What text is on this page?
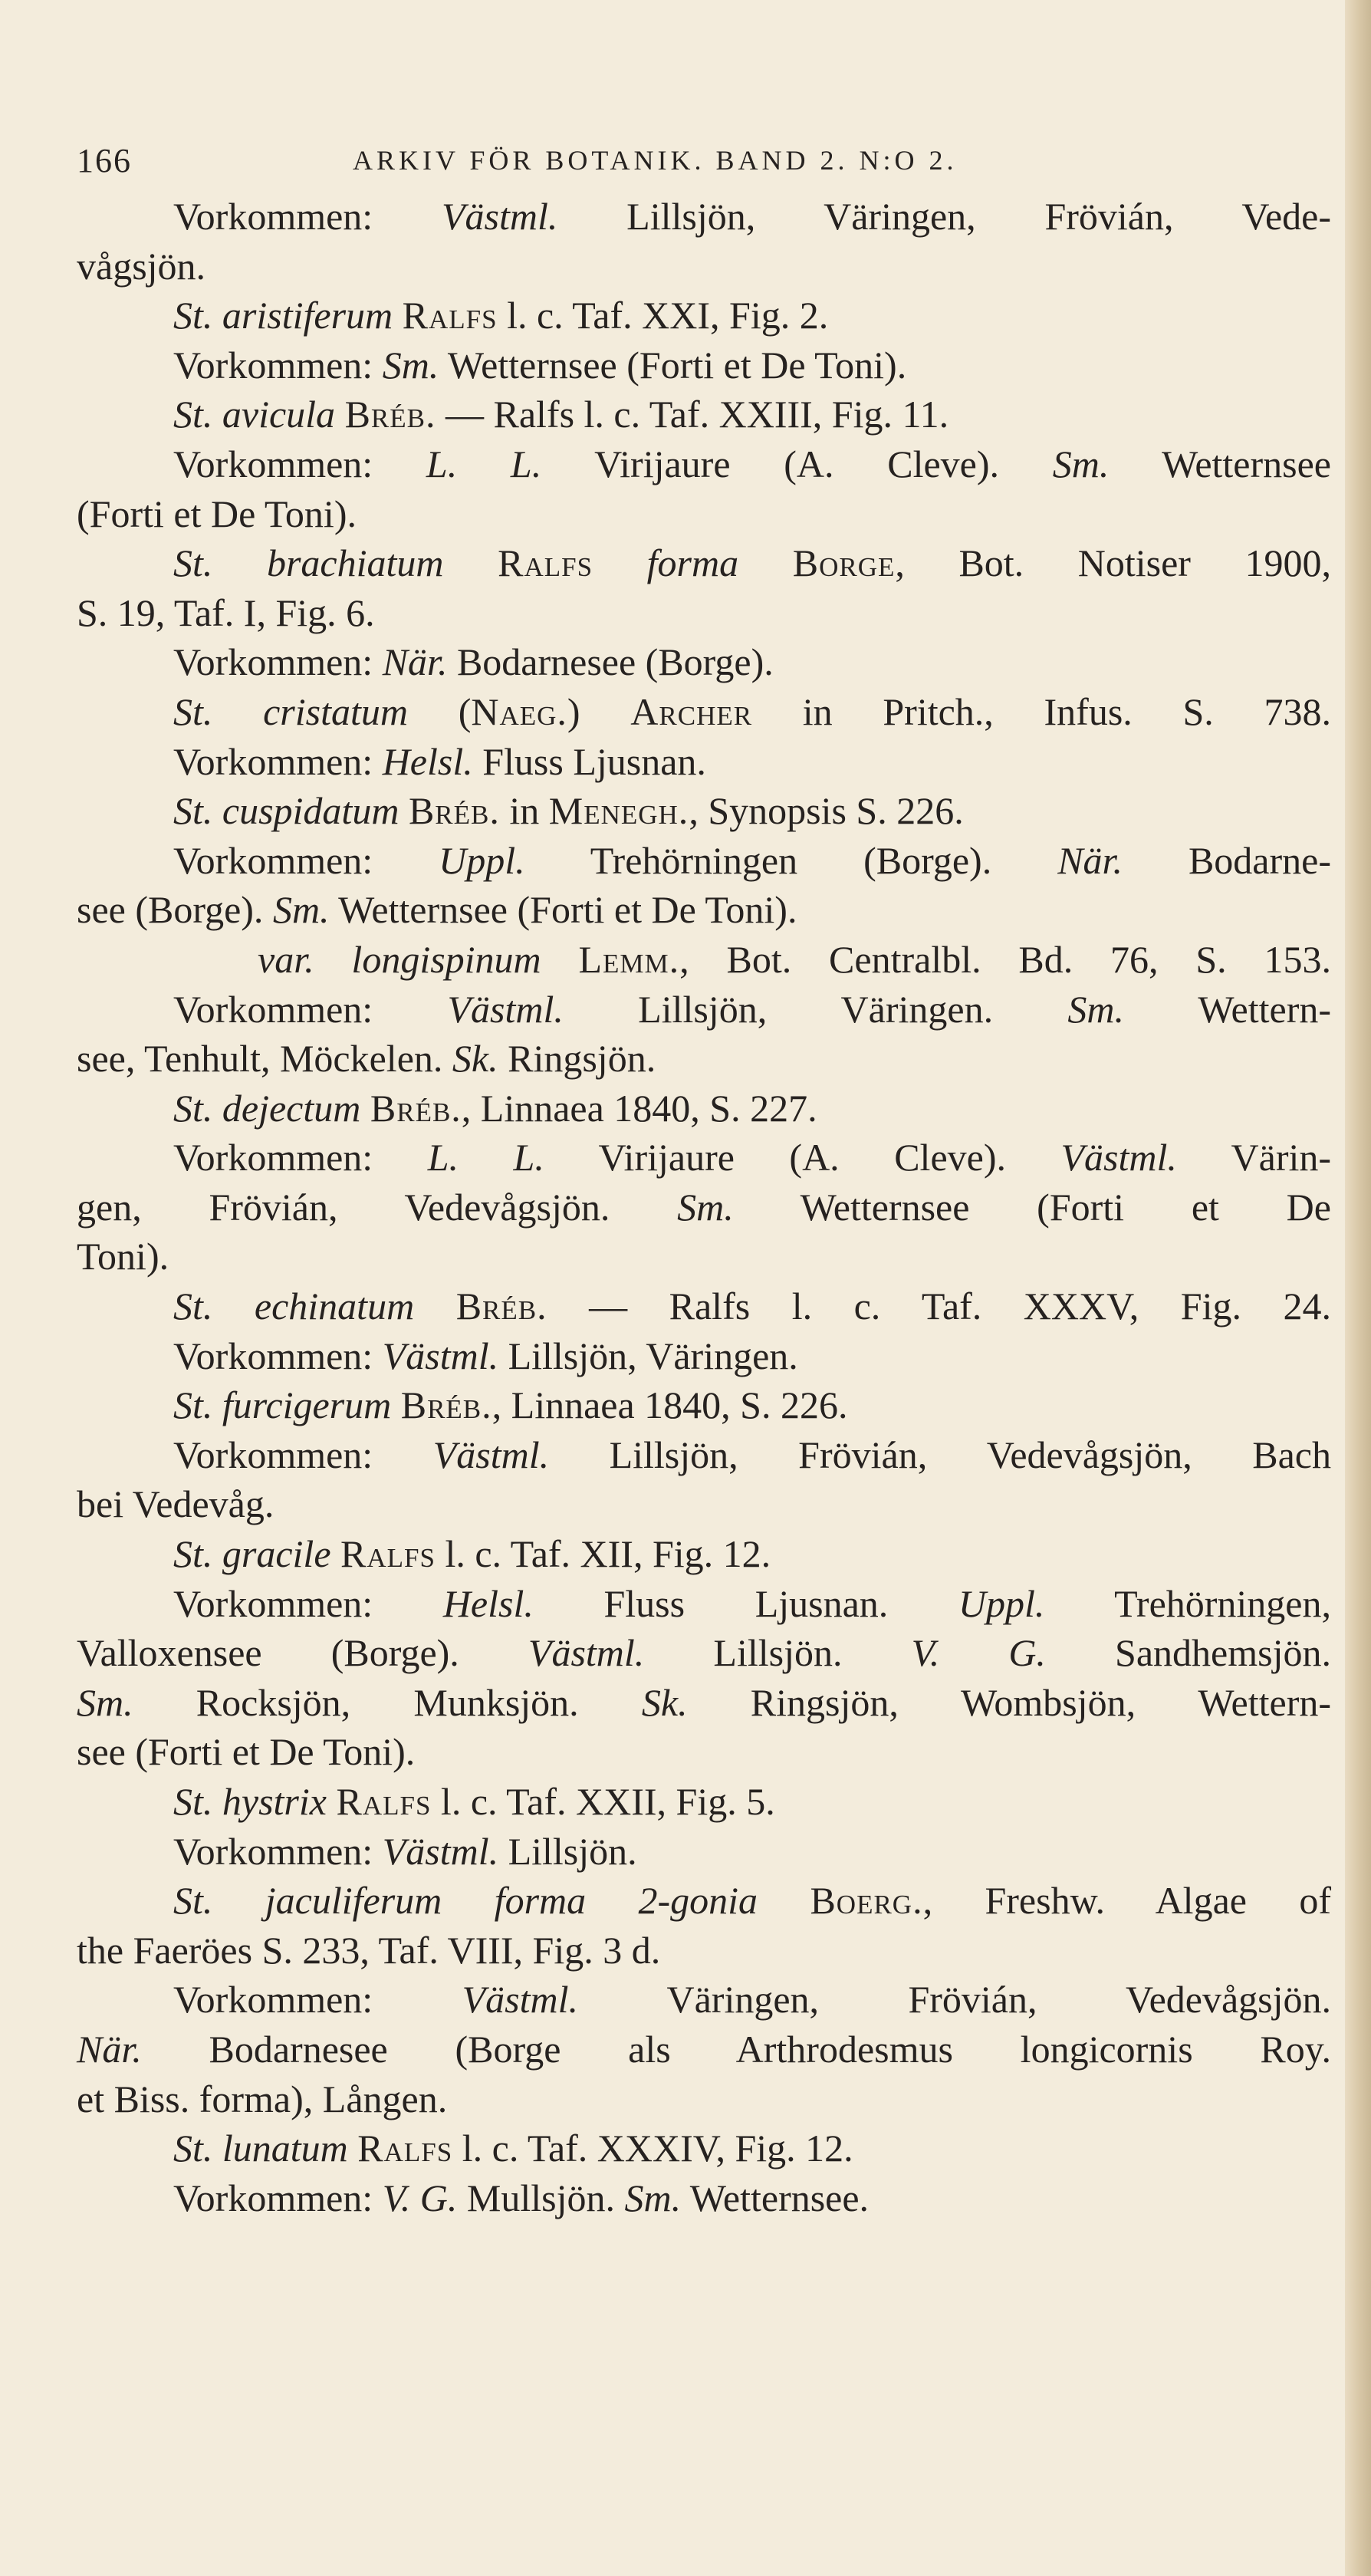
166	ARKIV FÖR BOTANIK. BAND 2. N:O 2.
Vorkommen: Västml. Lillsjön, Väringen, Frövián, Vede-
vågsjön.
St. aristiferum Ralfs l. c. Taf. XXI, Fig. 2.
Vorkommen: Sm. Wetternsee (Forti et De Toni).
St. avicula Bréb. — Ralfs l. c. Taf. XXIII, Fig. 11.
Vorkommen: L. L. Virijaure (A. Cleve). Sm. Wetternsee
(Forti et De Toni).
St. brachiatum Ralfs forma Borge, Bot. Notiser 1900,
S. 19, Taf. I, Fig. 6.
Vorkommen: När. Bodarnesee (Borge).
St. cristatum (Naeg.) Archer in Pritch., Infus. S. 738.
Vorkommen: Helsl. Fluss Ljusnan.
St. cuspidatum Bréb. in Menegh., Synopsis S. 226.
Vorkommen: Uppl. Trehörningen (Borge). När. Bodarne-
see (Borge). Sm. Wetternsee (Forti et De Toni).
var. longispinum Lemm., Bot. Centralbl. Bd. 76, S. 153.
Vorkommen: Västml. Lillsjön, Väringen. Sm. Wettern-
see, Tenhult, Möckelen. Sk. Ringsjön.
St. dejectum Bréb., Linnaea 1840, S. 227.
Vorkommen: L. L. Virijaure (A. Cleve). Västml. Värin-
gen, Frövián, Vedevågsjön. Sm. Wetternsee (Forti et De
Toni).
St. echinatum Bréb. — Ralfs l. c. Taf. XXXV, Fig. 24.
Vorkommen: Västml. Lillsjön, Väringen.
St. furcigerum Bréb., Linnaea 1840, S. 226.
Vorkommen: Västml. Lillsjön, Frövián, Vedevågsjön, Bach
bei Vedevåg.
St. gracile Ralfs l. c. Taf. XII, Fig. 12.
Vorkommen: Helsl. Fluss Ljusnan. Uppl. Trehörningen,
Valloxensee (Borge). Västml. Lillsjön. V. G. Sandhemsjön.
Sm. Rocksjön, Munksjön. Sk. Ringsjön, Wombsjön, Wettern-
see (Forti et De Toni).
St. hystrix Ralfs l. c. Taf. XXII, Fig. 5.
Vorkommen: Västml. Lillsjön.
St. jaculiferum forma 2-gonia Boerg., Freshw. Algae of
the Faeröes S. 233, Taf. VIII, Fig. 3 d.
Vorkommen: Västml. Väringen, Frövián, Vedevågsjön.
När. Bodarnesee (Borge als Arthrodesmus longicornis Roy.
et Biss. forma), Lången.
St. lunatum Ralfs l. c. Taf. XXXIV, Fig. 12.
Vorkommen: V. G. Mullsjön. Sm. Wetternsee.
